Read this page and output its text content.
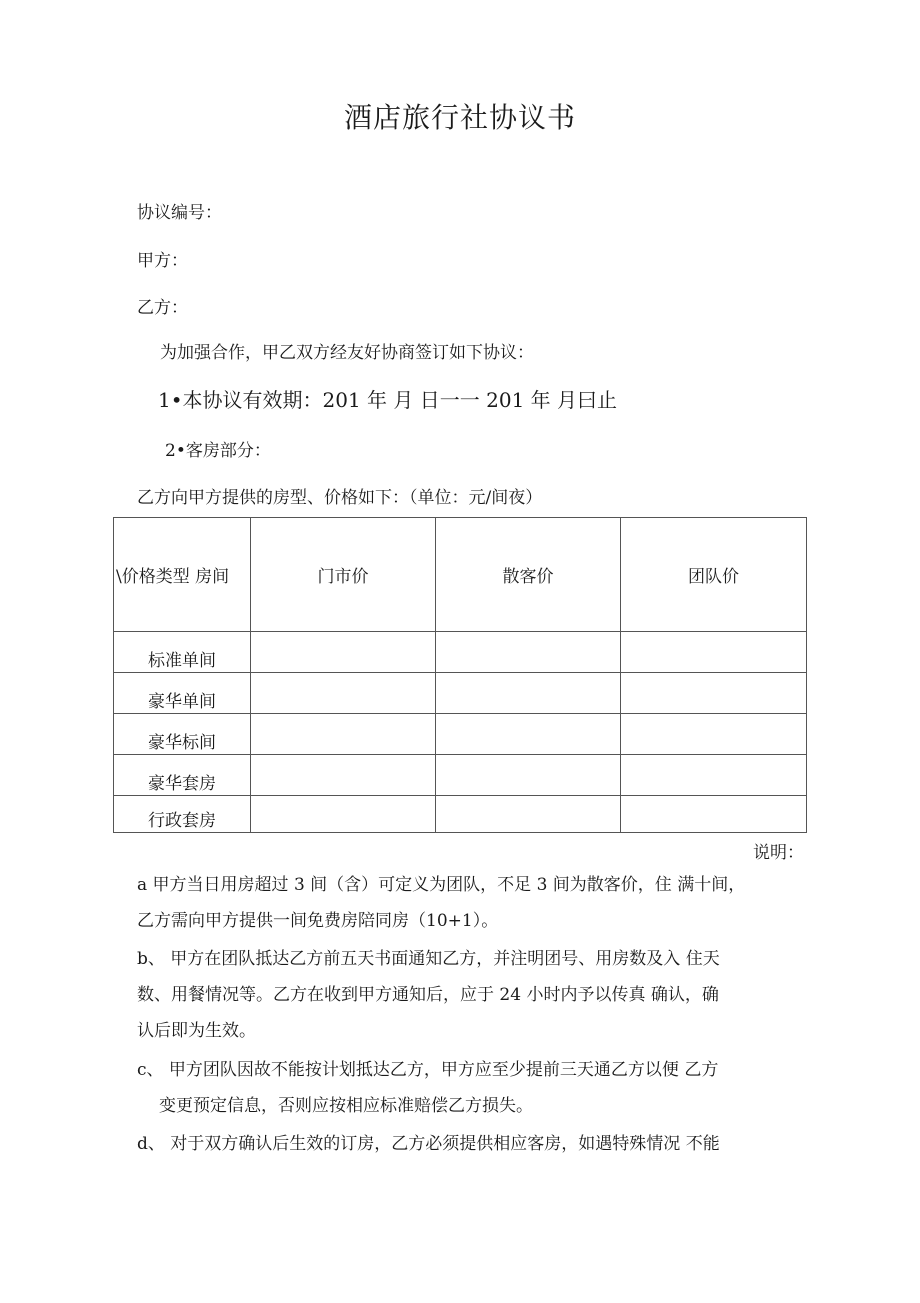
酒店旅行社协议书
协议编号：
甲方：
乙方：
为加强合作，甲乙双方经友好协商签订如下协议：
1•本协议有效期：201 年 月 日一一 201 年 月曰止
2•客房部分：
乙方向甲方提供的房型、价格如下：（单位：元/间夜）
\价格类型 房间	门市价	散客价	团队价
标准单间			
豪华单间			
豪华标间			
豪华套房			
行政套房			
说明：
a 甲方当日用房超过 3 间（含）可定义为团队，不足 3 间为散客价，住 满十间，
乙方需向甲方提供一间免费房陪同房（10+1）。
b、 甲方在团队抵达乙方前五天书面通知乙方，并注明团号、用房数及入 住天
数、用餐情况等。乙方在收到甲方通知后，应于 24 小时内予以传真 确认，确
认后即为生效。
c、 甲方团队因故不能按计划抵达乙方，甲方应至少提前三天通乙方以便 乙方
变更预定信息，否则应按相应标准赔偿乙方损失。
d、 对于双方确认后生效的订房，乙方必须提供相应客房，如遇特殊情况 不能
